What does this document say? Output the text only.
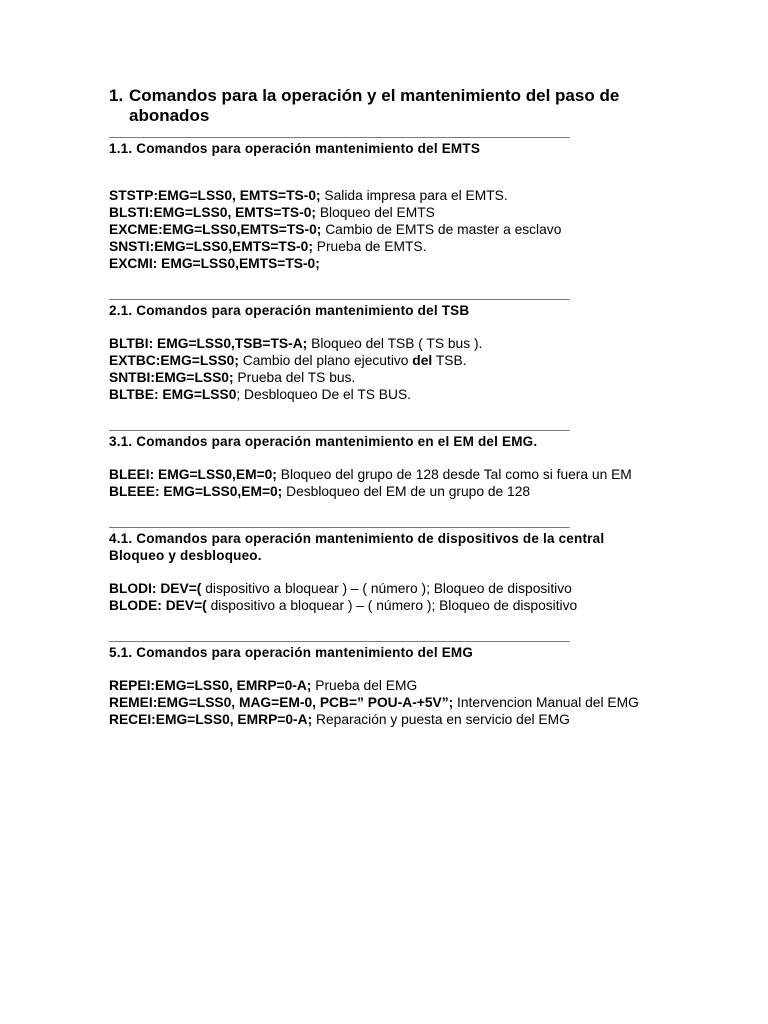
1. Comandos para la operación y el mantenimiento del paso de abonados
_______________________________________________________________
1.1. Comandos para operación mantenimiento del EMTS

STSTP:EMG=LSS0, EMTS=TS-0; Salida impresa para el EMTS.

BLSTI:EMG=LSS0, EMTS=TS-0; Bloqueo del EMTS

EXCME:EMG=LSS0,EMTS=TS-0; Cambio de EMTS de master a esclavo

SNSTI:EMG=LSS0,EMTS=TS-0; Prueba de EMTS.

EXCMI: EMG=LSS0,EMTS=TS-0;

_______________________________________________________________
2.1. Comandos para operación mantenimiento del TSB

BLTBI: EMG=LSS0,TSB=TS-A; Bloqueo del TSB ( TS bus ).

EXTBC:EMG=LSS0; Cambio del plano ejecutivo del TSB.

SNTBI:EMG=LSS0; Prueba del TS bus.

BLTBE: EMG=LSS0; Desbloqueo De el TS BUS.

_______________________________________________________________
3.1. Comandos para operación mantenimiento en el EM del EMG.

BLEEI: EMG=LSS0,EM=0; Bloqueo del grupo de 128 desde Tal como si fuera un EM

BLEEE: EMG=LSS0,EM=0; Desbloqueo del EM de un grupo de 128

_______________________________________________________________
4.1. Comandos para operación mantenimiento de dispositivos de la central Bloqueo y desbloqueo.

BLODI: DEV=( dispositivo a bloquear ) – ( número ); Bloqueo de dispositivo

BLODE: DEV=( dispositivo a bloquear ) – ( número ); Bloqueo de dispositivo

_______________________________________________________________
5.1. Comandos para operación mantenimiento del EMG

REPEI:EMG=LSS0, EMRP=0-A; Prueba del EMG

REMEI:EMG=LSS0, MAG=EM-0, PCB=” POU-A-+5V”; Intervencion Manual del EMG

RECEI:EMG=LSS0, EMRP=0-A; Reparación y puesta en servicio del EMG
